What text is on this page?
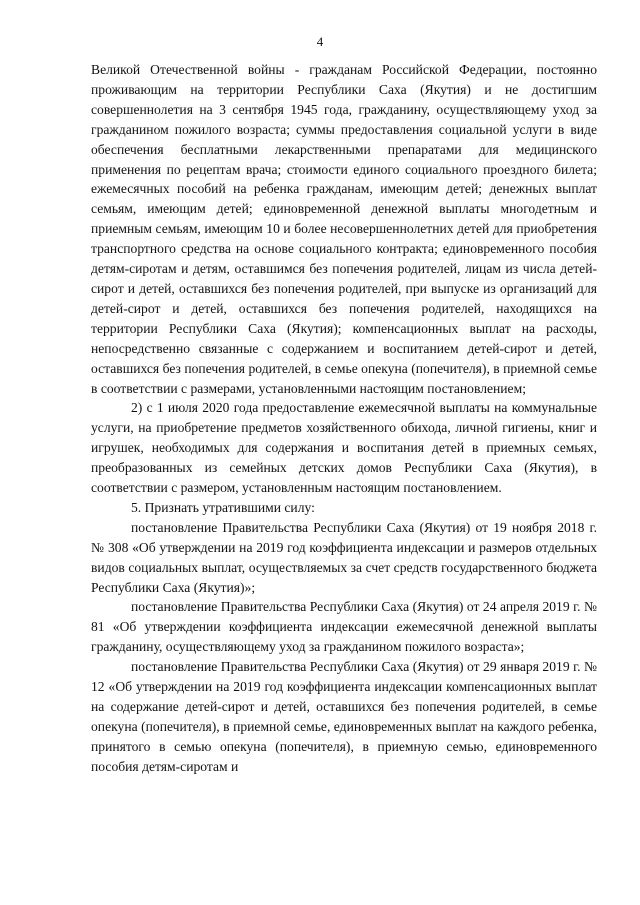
4

Великой Отечественной войны - гражданам Российской Федерации, постоянно проживающим на территории Республики Саха (Якутия) и не достигшим совершеннолетия на 3 сентября 1945 года, гражданину, осуществляющему уход за гражданином пожилого возраста; суммы предоставления социальной услуги в виде обеспечения бесплатными лекарственными препаратами для медицинского применения по рецептам врача; стоимости единого социального проездного билета; ежемесячных пособий на ребенка гражданам, имеющим детей; денежных выплат семьям, имеющим детей; единовременной денежной выплаты многодетным и приемным семьям, имеющим 10 и более несовершеннолетних детей для приобретения транспортного средства на основе социального контракта; единовременного пособия детям-сиротам и детям, оставшимся без попечения родителей, лицам из числа детей-сирот и детей, оставшихся без попечения родителей, при выпуске из организаций для детей-сирот и детей, оставшихся без попечения родителей, находящихся на территории Республики Саха (Якутия); компенсационных выплат на расходы, непосредственно связанные с содержанием и воспитанием детей-сирот и детей, оставшихся без попечения родителей, в семье опекуна (попечителя), в приемной семье в соответствии с размерами, установленными настоящим постановлением;

2) с 1 июля 2020 года предоставление ежемесячной выплаты на коммунальные услуги, на приобретение предметов хозяйственного обихода, личной гигиены, книг и игрушек, необходимых для содержания и воспитания детей в приемных семьях, преобразованных из семейных детских домов Республики Саха (Якутия), в соответствии с размером, установленным настоящим постановлением.

5. Признать утратившими силу:

постановление Правительства Республики Саха (Якутия) от 19 ноября 2018 г. № 308 «Об утверждении на 2019 год коэффициента индексации и размеров отдельных видов социальных выплат, осуществляемых за счет средств государственного бюджета Республики Саха (Якутия)»;

постановление Правительства Республики Саха (Якутия) от 24 апреля 2019 г. № 81 «Об утверждении коэффициента индексации ежемесячной денежной выплаты гражданину, осуществляющему уход за гражданином пожилого возраста»;

постановление Правительства Республики Саха (Якутия) от 29 января 2019 г. № 12 «Об утверждении на 2019 год коэффициента индексации компенсационных выплат на содержание детей-сирот и детей, оставшихся без попечения родителей, в семье опекуна (попечителя), в приемной семье, единовременных выплат на каждого ребенка, принятого в семью опекуна (попечителя), в приемную семью, единовременного пособия детям-сиротам и
